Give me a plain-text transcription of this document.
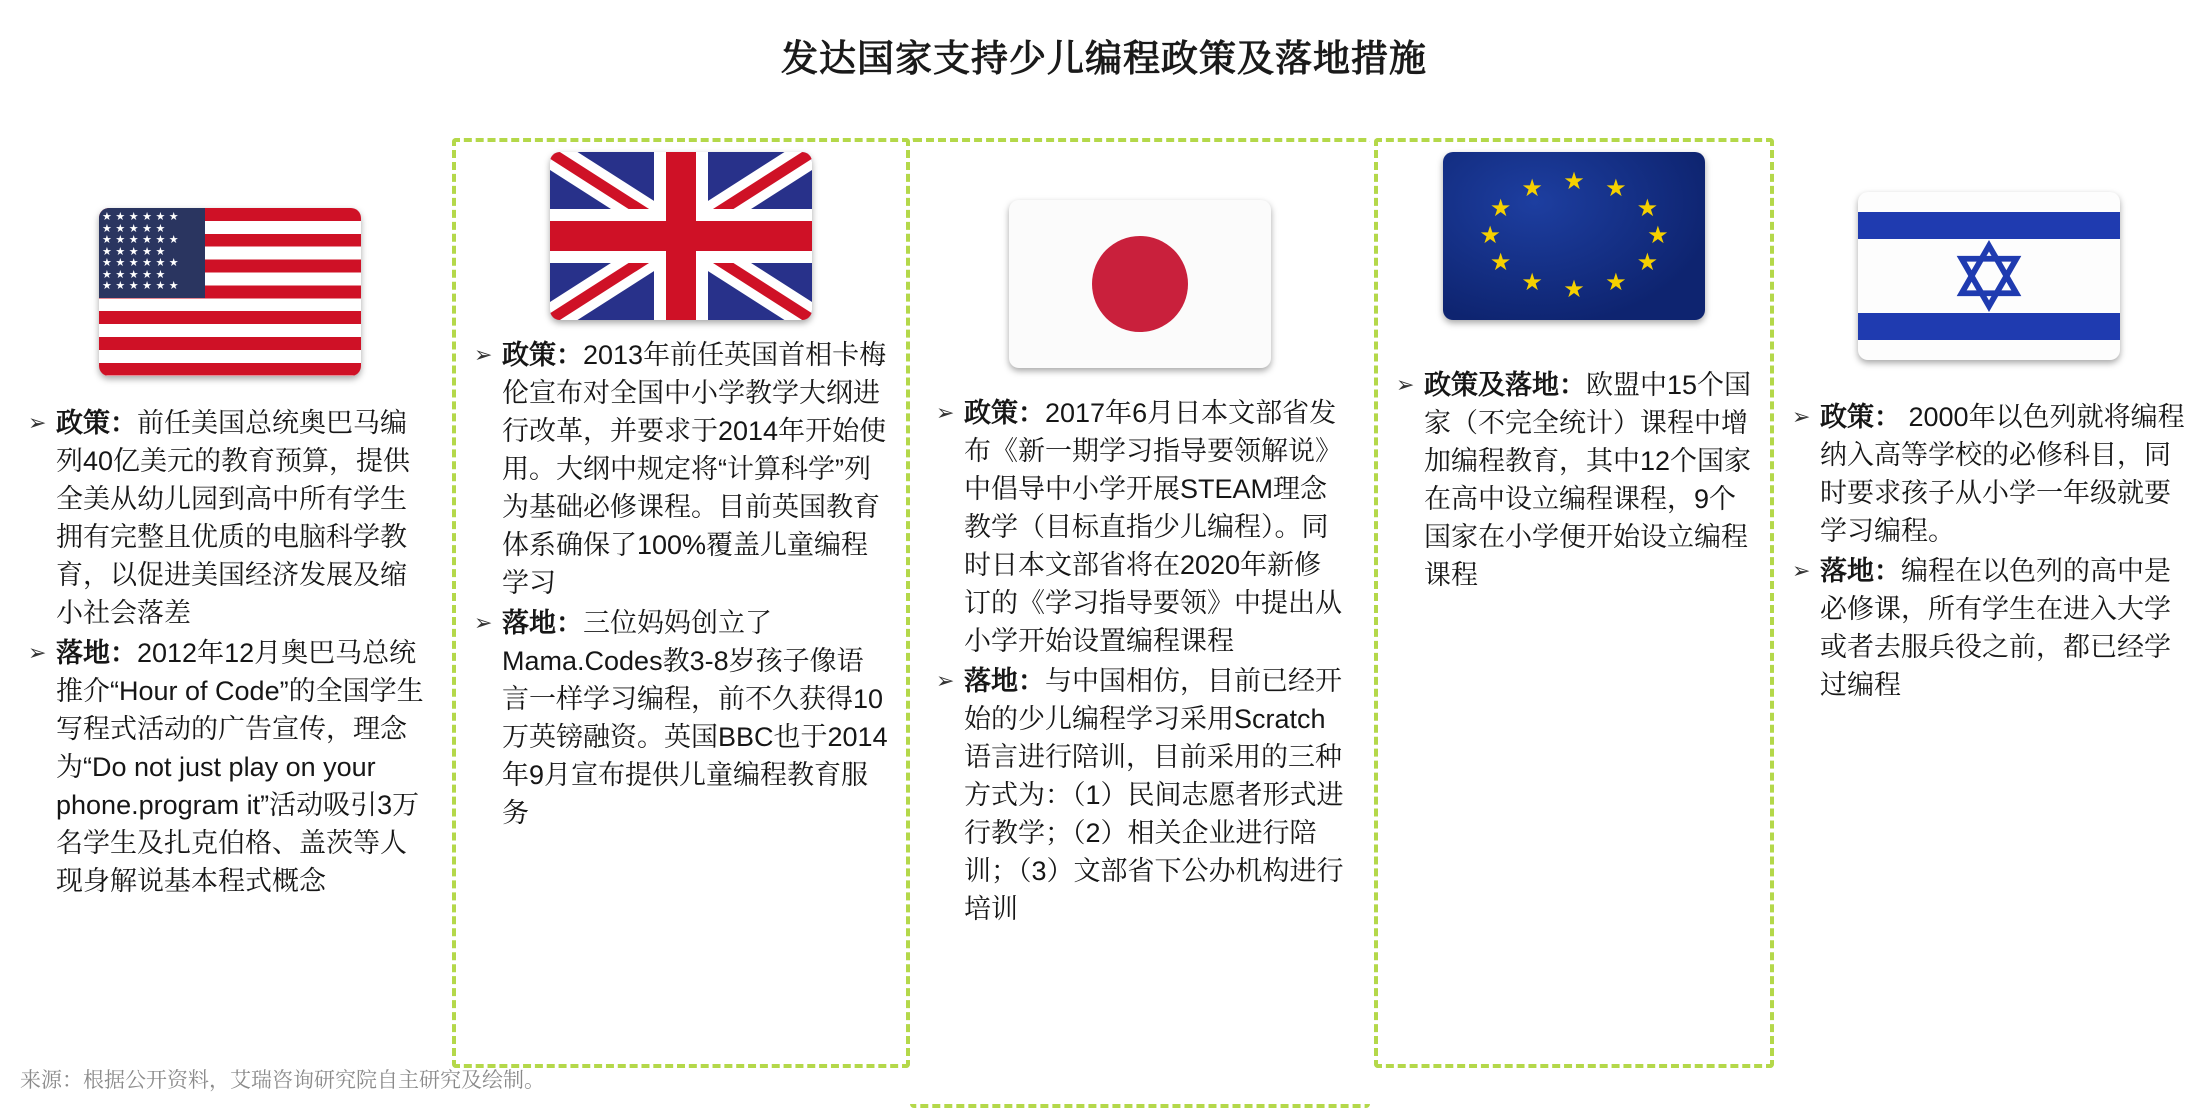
发达国家支持少儿编程政策及落地措施
★★★★★★
★★★★★
★★★★★★
★★★★★
★★★★★★
★★★★★
★★★★★★
➢ 政策：前任美国总统奥巴马编列40亿美元的教育预算，提供全美从幼儿园到高中所有学生拥有完整且优质的电脑科学教育，以促进美国经济发展及缩小社会落差
➢ 落地：2012年12月奥巴马总统推介“Hour of Code”的全国学生写程式活动的广告宣传，理念为“Do not just play on your phone.program it”活动吸引3万名学生及扎克伯格、盖茨等人现身解说基本程式概念
➢ 政策：2013年前任英国首相卡梅伦宣布对全国中小学教学大纲进行改革，并要求于2014年开始使用。大纲中规定将“计算科学”列为基础必修课程。目前英国教育体系确保了100%覆盖儿童编程学习
➢ 落地：三位妈妈创立了Mama.Codes教3-8岁孩子像语言一样学习编程，前不久获得10万英镑融资。英国BBC也于2014年9月宣布提供儿童编程教育服务
➢ 政策：2017年6月日本文部省发布《新一期学习指导要领解说》中倡导中小学开展STEAM理念教学（目标直指少儿编程）。同时日本文部省将在2020年新修订的《学习指导要领》中提出从小学开始设置编程课程
➢ 落地：与中国相仿，目前已经开始的少儿编程学习采用Scratch语言进行陪训，目前采用的三种方式为：（1）民间志愿者形式进行教学；（2）相关企业进行陪训；（3）文部省下公办机构进行培训
★ ★
★
★
★
★
★
★
★
★
★
★
➢ 政策及落地：欧盟中15个国家（不完全统计）课程中增加编程教育，其中12个国家在高中设立编程课程，9个国家在小学便开始设立编程课程
➢ 政策： 2000年以色列就将编程纳入高等学校的必修科目，同时要求孩子从小学一年级就要学习编程。
➢ 落地：编程在以色列的高中是必修课，所有学生在进入大学或者去服兵役之前，都已经学过编程
来源：根据公开资料，艾瑞咨询研究院自主研究及绘制。
